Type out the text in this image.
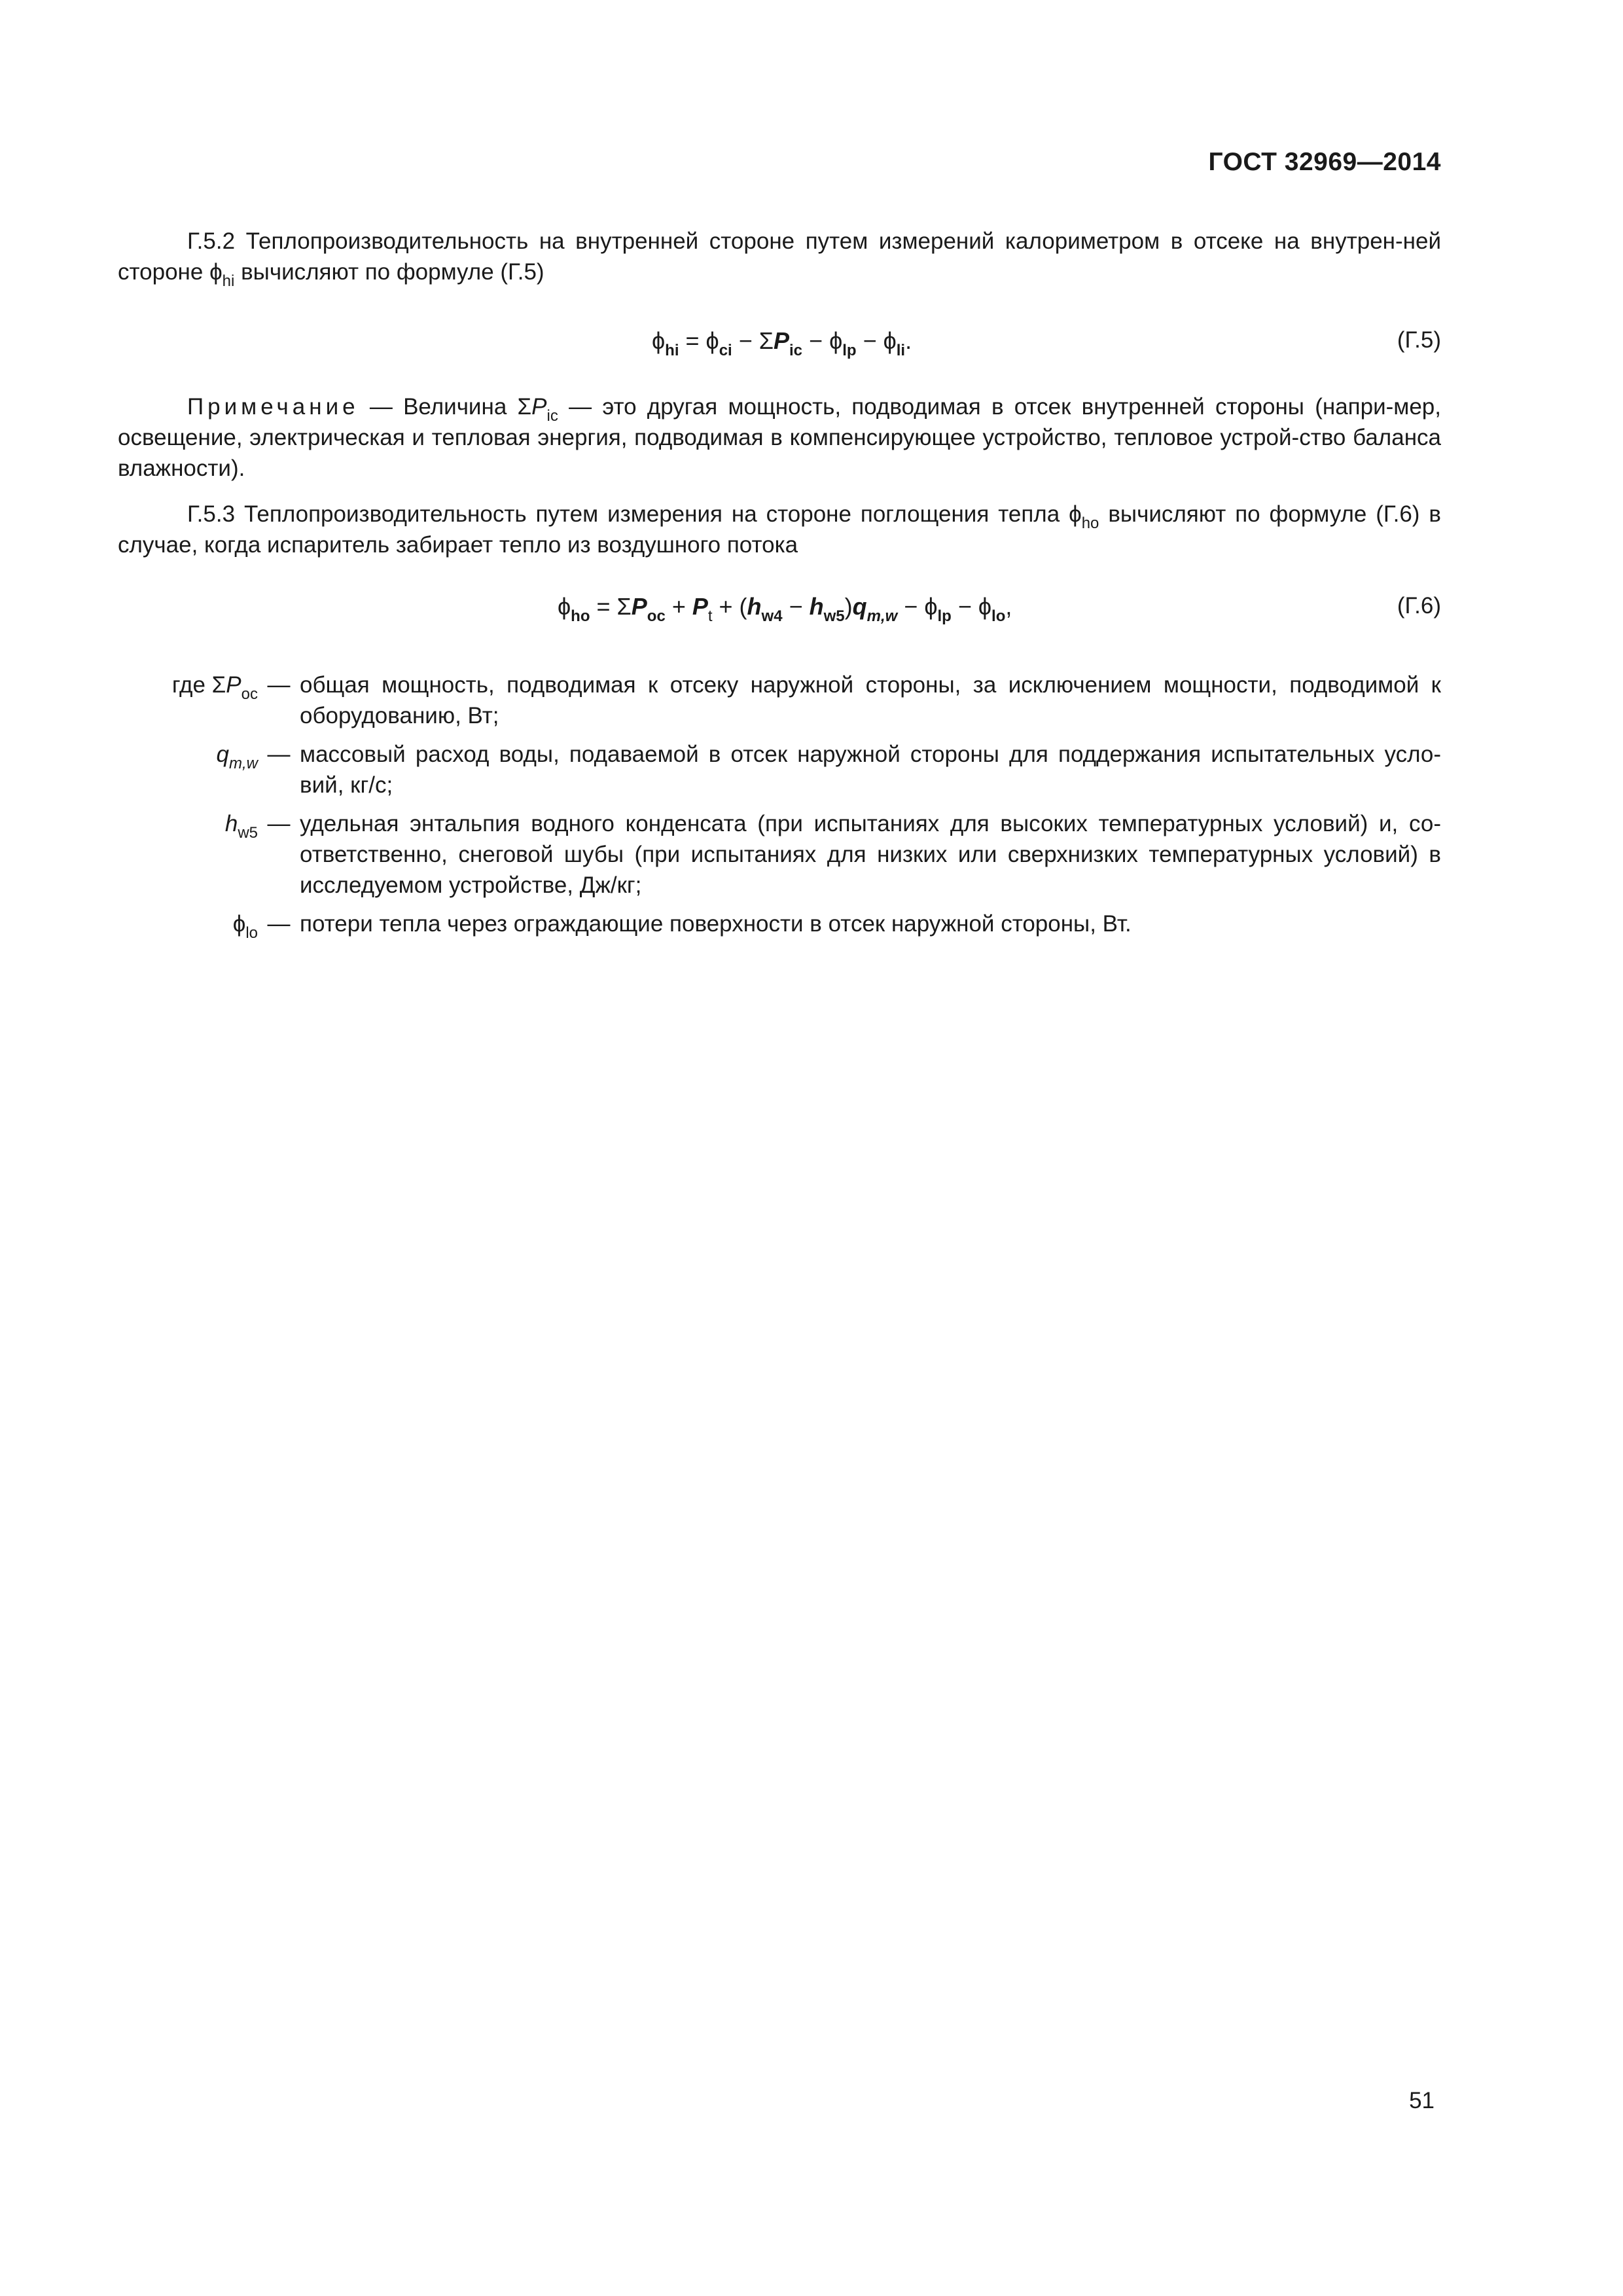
ГОСТ 32969—2014
Г.5.2 Теплопроизводительность на внутренней стороне путем измерений калориметром в отсеке на внутрен-ней стороне $\phi_{hi}$ вычисляют по формуле (Г.5)
$\phi_{hi} = \phi_{ci} - \Sigma P_{ic} - \phi_{lp} - \phi_{li}$.	(Г.5)
Примечание — Величина $\Sigma P_{ic}$ — это другая мощность, подводимая в отсек внутренней стороны (напри-мер, освещение, электрическая и тепловая энергия, подводимая в компенсирующее устройство, тепловое устрой-ство баланса влажности).
Г.5.3 Теплопроизводительность путем измерения на стороне поглощения тепла $\phi_{ho}$ вычисляют по формуле (Г.6) в случае, когда испаритель забирает тепло из воздушного потока
$\phi_{ho} = \Sigma P_{oc} + P_t + (h_{w4} - h_{w5})q_{m,w} - \phi_{lp} - \phi_{lo}$,	(Г.6)
где $\Sigma P_{oc}$ — общая мощность, подводимая к отсеку наружной стороны, за исключением мощности, подводимой к оборудованию, Вт;
$q_{m,w}$ — массовый расход воды, подаваемой в отсек наружной стороны для поддержания испытательных усло-вий, кг/с;
$h_{w5}$ — удельная энтальпия водного конденсата (при испытаниях для высоких температурных условий) и, со-ответственно, снеговой шубы (при испытаниях для низких или сверхнизких температурных условий) в исследуемом устройстве, Дж/кг;
$\phi_{lo}$ — потери тепла через ограждающие поверхности в отсек наружной стороны, Вт.
51
